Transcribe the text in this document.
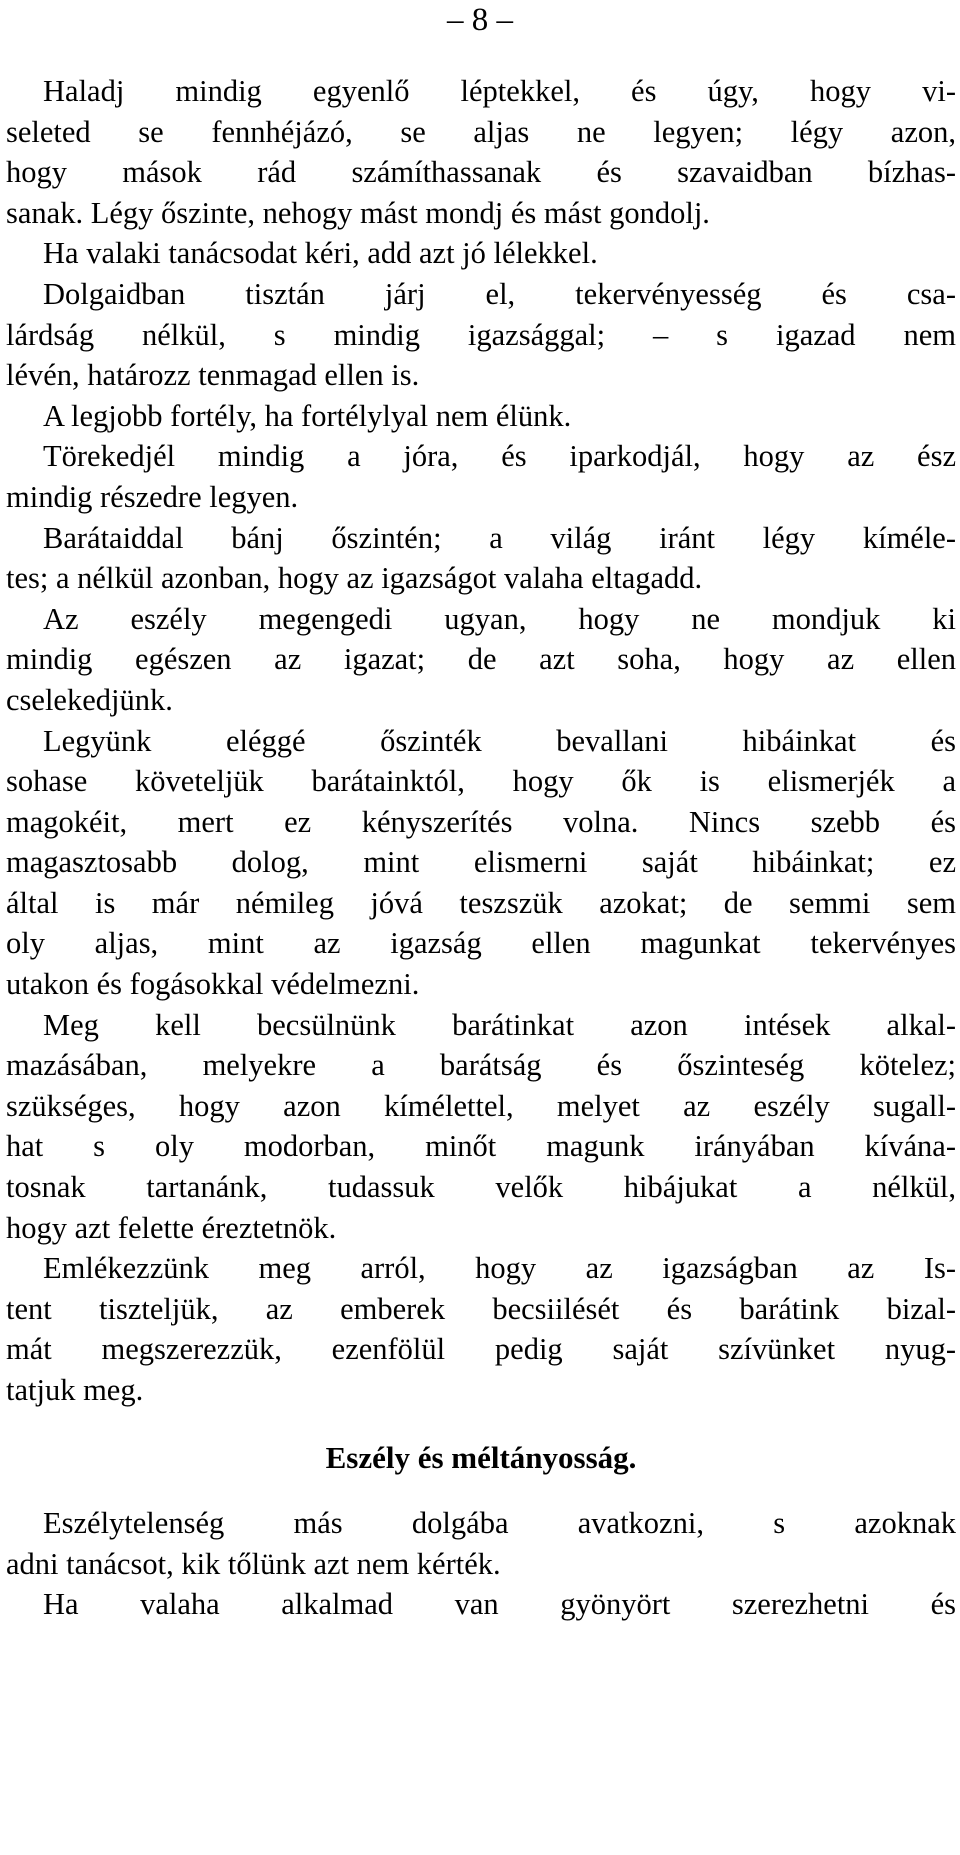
– 8 –
Haladj mindig egyenlő léptekkel, és úgy, hogy vi-
seleted se fennhéjázó, se aljas ne legyen; légy azon,
hogy mások rád számíthassanak és szavaidban bízhas-
sanak. Légy őszinte, nehogy mást mondj és mást gondolj.
Ha valaki tanácsodat kéri, add azt jó lélekkel.
Dolgaidban tisztán járj el, tekervényesség és csa-
lárdság nélkül, s mindig igazsággal; – s igazad nem
lévén, határozz tenmagad ellen is.
A legjobb fortély, ha fortélylyal nem élünk.
Törekedjél mindig a jóra, és iparkodjál, hogy az ész
mindig részedre legyen.
Barátaiddal bánj őszintén; a világ iránt légy kímélе-
tes; a nélkül azonban, hogy az igazságot valaha eltagadd.
Az eszély megengedi ugyan, hogy ne mondjuk ki
mindig egészen az igazat; de azt soha, hogy az ellen
cselekedjünk.
Legyünk eléggé őszinték bevallani hibáinkat és
sohase követeljük barátainktól, hogy ők is elismerjék a
magokéit, mert ez kényszerítés volna. Nincs szebb és
magasztosabb dolog, mint elismerni saját hibáinkat; ez
által is már némileg jóvá teszszük azokat; de semmi sem
oly aljas, mint az igazság ellen magunkat tekervényes
utakon és fogásokkal védelmezni.
Meg kell becsülnünk barátinkat azon intések alkal-
mazásában, melyekre a barátság és őszinteség kötelez;
szükséges, hogy azon kímélettel, melyet az eszély sugall-
hat s oly modorban, minőt magunk irányában kívána-
tosnak tartanánk, tudassuk velők hibájukat a nélkül,
hogy azt felette éreztetnök.
Emlékezzünk meg arról, hogy az igazságban az Is-
tent tiszteljük, az emberek becsiilését és barátink bizal-
mát megszerezzük, ezenfölül pedig saját szívünket nyug-
tatjuk meg.
Eszély és méltányosság.
Eszélytelenség más dolgába avatkozni, s azoknak
adni tanácsot, kik tőlünk azt nem kérték.
Ha valaha alkalmad van gyönyört szerezhetni és
